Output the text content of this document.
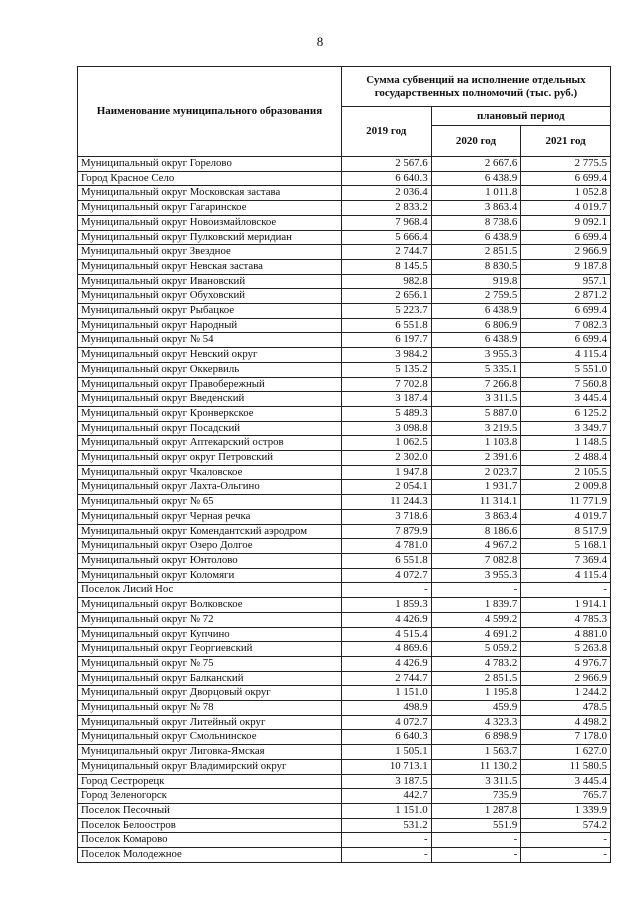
8
Наименование муниципального образования	Сумма субвенций на исполнение отдельных государственных полномочий (тыс. руб.)		
	2019 год	плановый период	
		2020 год	2021 год
Муниципальный округ Горелово	2 567.6	2 667.6	2 775.5
Город Красное Село	6 640.3	6 438.9	6 699.4
Муниципальный округ Московская застава	2 036.4	1 011.8	1 052.8
Муниципальный округ Гагаринское	2 833.2	3 863.4	4 019.7
Муниципальный округ Новоизмайловское	7 968.4	8 738.6	9 092.1
Муниципальный округ Пулковский меридиан	5 666.4	6 438.9	6 699.4
Муниципальный округ Звездное	2 744.7	2 851.5	2 966.9
Муниципальный округ Невская застава	8 145.5	8 830.5	9 187.8
Муниципальный округ Ивановский	982.8	919.8	957.1
Муниципальный округ Обуховский	2 656.1	2 759.5	2 871.2
Муниципальный округ Рыбацкое	5 223.7	6 438.9	6 699.4
Муниципальный округ Народный	6 551.8	6 806.9	7 082.3
Муниципальный округ № 54	6 197.7	6 438.9	6 699.4
Муниципальный округ Невский округ	3 984.2	3 955.3	4 115.4
Муниципальный округ Оккервиль	5 135.2	5 335.1	5 551.0
Муниципальный округ Правобережный	7 702.8	7 266.8	7 560.8
Муниципальный округ Введенский	3 187.4	3 311.5	3 445.4
Муниципальный округ Кронверкское	5 489.3	5 887.0	6 125.2
Муниципальный округ Посадский	3 098.8	3 219.5	3 349.7
Муниципальный округ Аптекарский остров	1 062.5	1 103.8	1 148.5
Муниципальный округ округ Петровский	2 302.0	2 391.6	2 488.4
Муниципальный округ Чкаловское	1 947.8	2 023.7	2 105.5
Муниципальный округ Лахта-Ольгино	2 054.1	1 931.7	2 009.8
Муниципальный округ № 65	11 244.3	11 314.1	11 771.9
Муниципальный округ Черная речка	3 718.6	3 863.4	4 019.7
Муниципальный округ Комендантский аэродром	7 879.9	8 186.6	8 517.9
Муниципальный округ Озеро Долгое	4 781.0	4 967.2	5 168.1
Муниципальный округ Юнтолово	6 551.8	7 082.8	7 369.4
Муниципальный округ Коломяги	4 072.7	3 955.3	4 115.4
Поселок Лисий Нос	-	-	-
Муниципальный округ Волковское	1 859.3	1 839.7	1 914.1
Муниципальный округ № 72	4 426.9	4 599.2	4 785.3
Муниципальный округ Купчино	4 515.4	4 691.2	4 881.0
Муниципальный округ Георгиевский	4 869.6	5 059.2	5 263.8
Муниципальный округ № 75	4 426.9	4 783.2	4 976.7
Муниципальный округ Балканский	2 744.7	2 851.5	2 966.9
Муниципальный округ Дворцовый округ	1 151.0	1 195.8	1 244.2
Муниципальный округ № 78	498.9	459.9	478.5
Муниципальный округ Литейный округ	4 072.7	4 323.3	4 498.2
Муниципальный округ Смольнинское	6 640.3	6 898.9	7 178.0
Муниципальный округ Лиговка-Ямская	1 505.1	1 563.7	1 627.0
Муниципальный округ Владимирский округ	10 713.1	11 130.2	11 580.5
Город Сестрорецк	3 187.5	3 311.5	3 445.4
Город Зеленогорск	442.7	735.9	765.7
Поселок Песочный	1 151.0	1 287.8	1 339.9
Поселок Белоостров	531.2	551.9	574.2
Поселок Комарово	-	-	-
Поселок Молодежное	-	-	-
